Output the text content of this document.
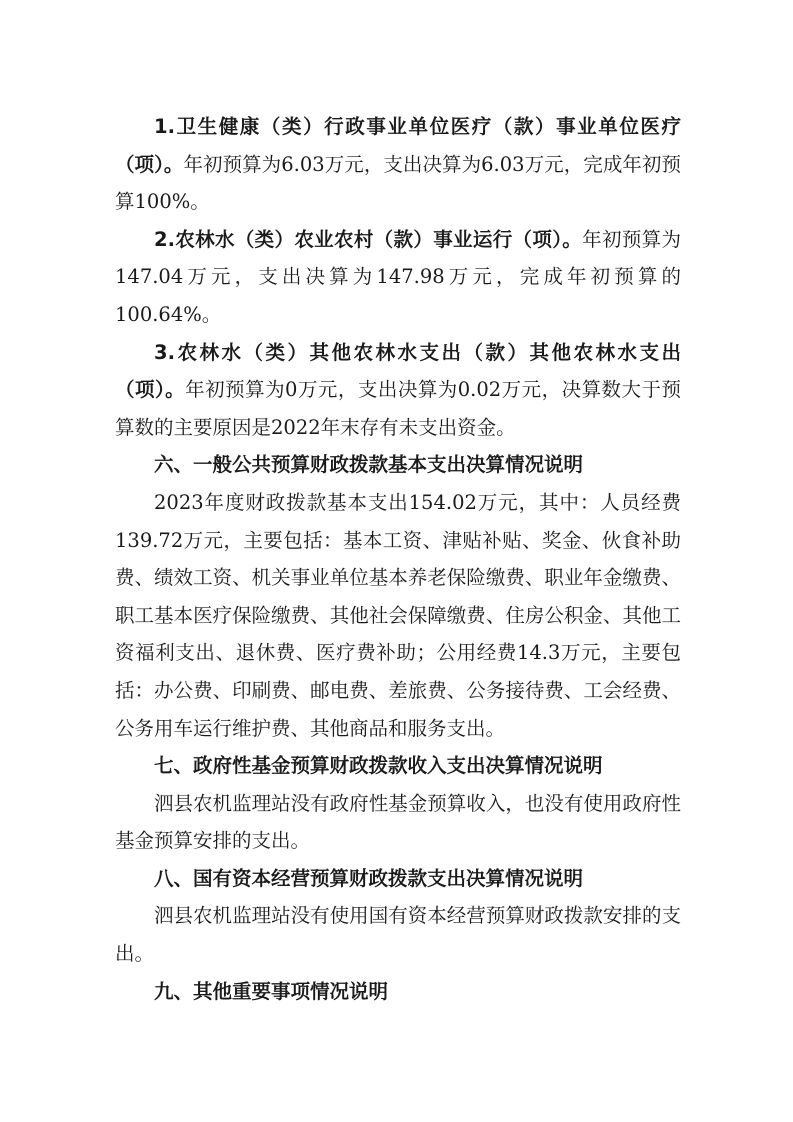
1.卫生健康（类）行政事业单位医疗（款）事业单位医疗（项）。年初预算为6.03万元，支出决算为6.03万元，完成年初预算100%。

2.农林水（类）农业农村（款）事业运行（项）。年初预算为147.04万元，支出决算为147.98万元，完成年初预算的100.64%。

3.农林水（类）其他农林水支出（款）其他农林水支出（项）。年初预算为0万元，支出决算为0.02万元，决算数大于预算数的主要原因是2022年末存有未支出资金。

六、一般公共预算财政拨款基本支出决算情况说明

2023年度财政拨款基本支出154.02万元，其中：人员经费139.72万元，主要包括：基本工资、津贴补贴、奖金、伙食补助费、绩效工资、机关事业单位基本养老保险缴费、职业年金缴费、职工基本医疗保险缴费、其他社会保障缴费、住房公积金、其他工资福利支出、退休费、医疗费补助；公用经费14.3万元，主要包括：办公费、印刷费、邮电费、差旅费、公务接待费、工会经费、公务用车运行维护费、其他商品和服务支出。

七、政府性基金预算财政拨款收入支出决算情况说明

泗县农机监理站没有政府性基金预算收入，也没有使用政府性基金预算安排的支出。

八、国有资本经营预算财政拨款支出决算情况说明

泗县农机监理站没有使用国有资本经营预算财政拨款安排的支出。

九、其他重要事项情况说明
